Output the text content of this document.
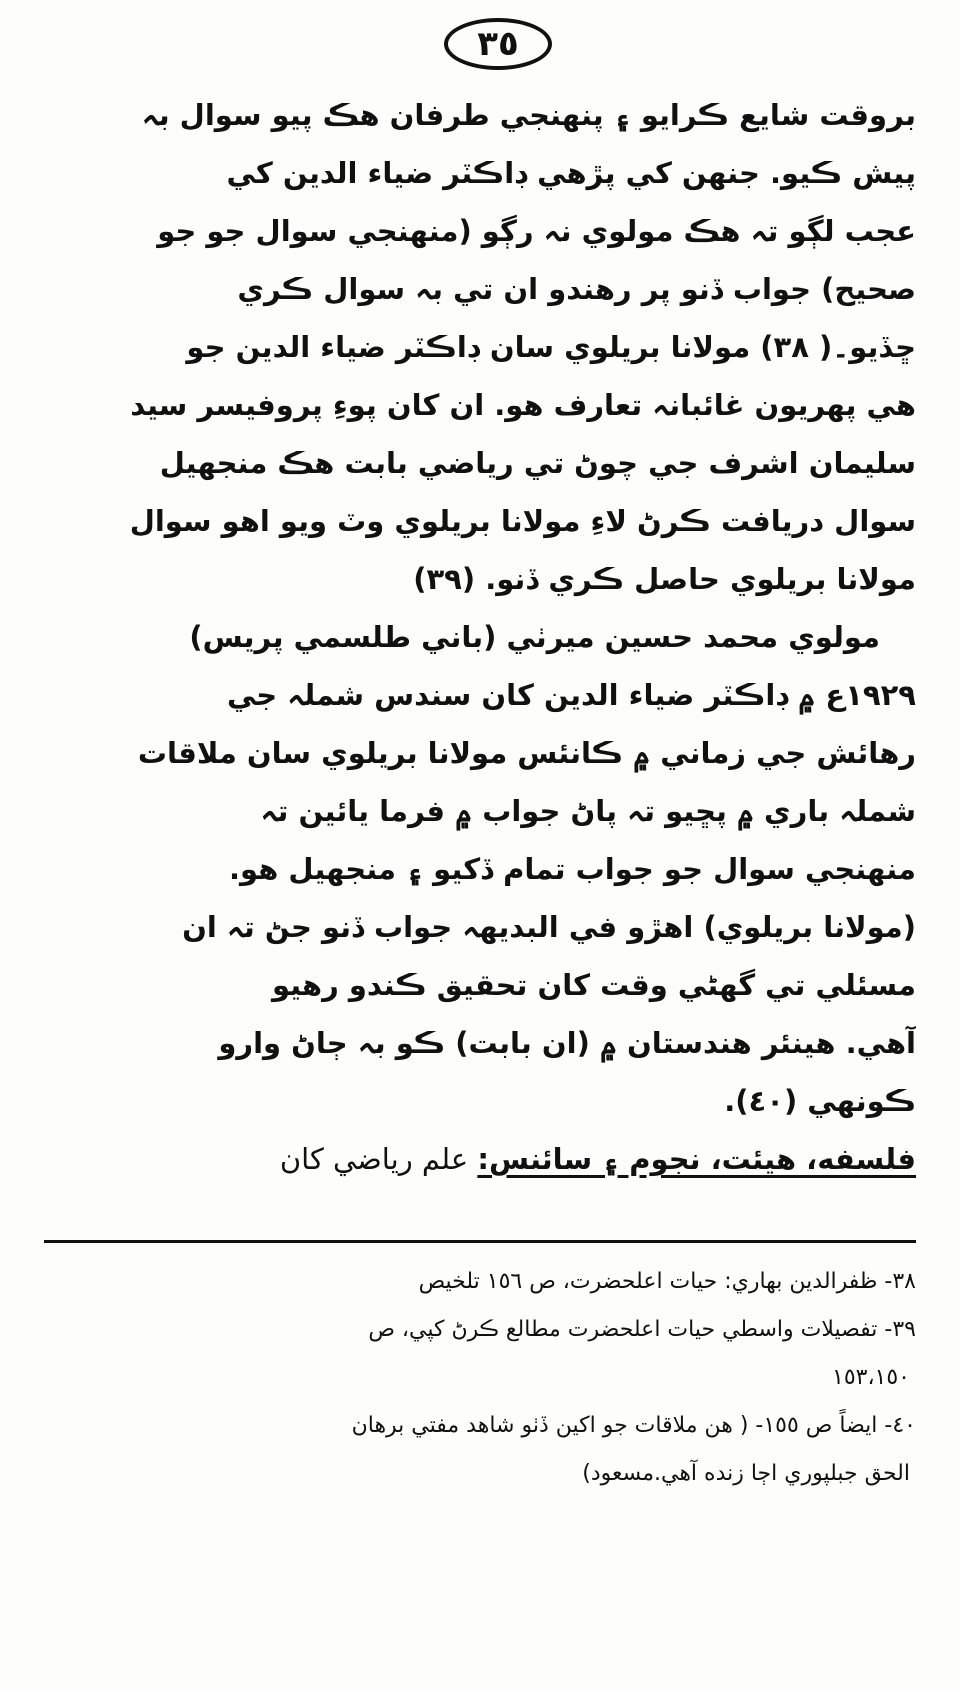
٣٥
بروقت شايع ڪرايو ۽ پنهنجي طرفان هڪ پيو سوال بہ
پيش ڪيو. جنهن کي پڙهي ڊاڪٽر ضياء الدين کي
عجب لڳو تہ هڪ مولوي نہ رڳو (منهنجي سوال جو جو
صحيح) جواب ڏنو پر رهندو ان تي بہ سوال ڪري
ڇڏيو۔( ٣٨) مولانا بريلوي سان ڊاڪٽر ضياء الدين جو
هي پهريون غائبانہ تعارف هو. ان کان پوءِ پروفيسر سيد
سليمان اشرف جي چوڻ تي رياضي بابت هڪ منجهيل
سوال دريافت ڪرڻ لاءِ مولانا بريلوي وٽ ويو اهو سوال
مولانا بريلوي حاصل ڪري ڏنو. (٣٩)
مولوي محمد حسين ميرٺي (باني طلسمي پريس)
١٩٢٩ع ۾ ڊاڪٽر ضياء الدين کان سندس شملہ جي
رهائش جي زماني ۾ ڪانئس مولانا بريلوي سان ملاقات
شملہ باري ۾ پڇيو تہ پاڻ جواب ۾ فرما يائين تہ
منهنجي سوال جو جواب تمام ڏکيو ۽ منجهيل هو.
(مولانا بريلوي) اهڙو في البديهہ جواب ڏنو جڻ تہ ان
مسئلي تي گهڻي وقت کان تحقيق ڪندو رهيو
آهي. هينئر هندستان ۾ (ان بابت) ڪو بہ ڄاڻ وارو
ڪونهي (٤٠).
فلسفه، هيئت، نجوم ۽ سائنس: علم رياضي کان
٣٨- ظفرالدين بهاري: حيات اعلحضرت، ص ١٥٦ تلخيص
٣٩- تفصيلات واسطي حيات اعلحضرت مطالع ڪرڻ کپي، ص
١٥٣،١٥٠
٤٠- ايضاً ص ١٥٥- ( هن ملاقات جو اکين ڏٺو شاهد مفتي برهان
الحق جبلپوري اڄا زنده آهي.مسعود)
